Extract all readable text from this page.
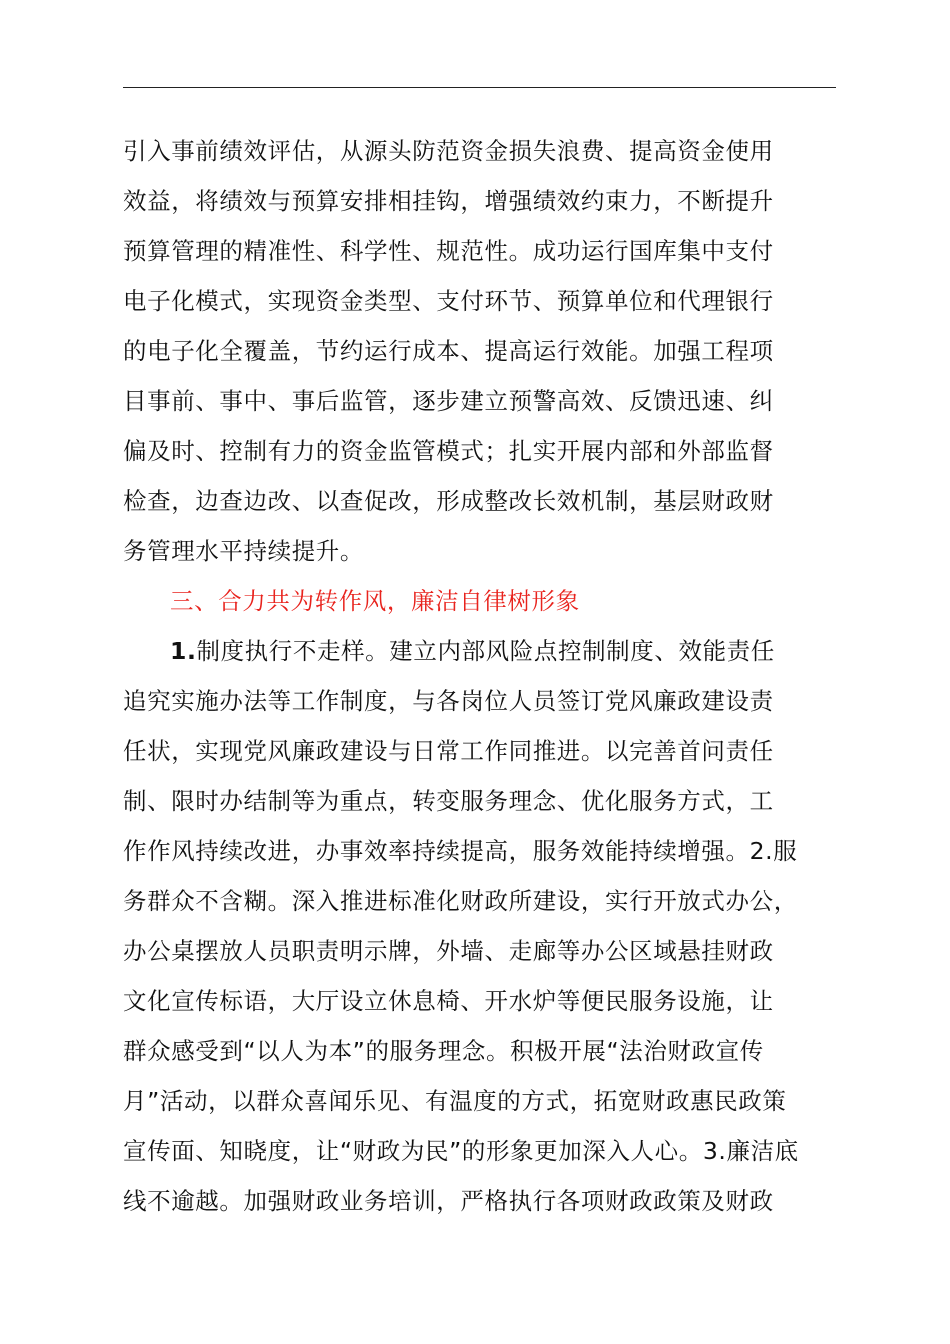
引入事前绩效评估，从源头防范资金损失浪费、提高资金使用
效益，将绩效与预算安排相挂钩，增强绩效约束力，不断提升
预算管理的精准性、科学性、规范性。成功运行国库集中支付
电子化模式，实现资金类型、支付环节、预算单位和代理银行
的电子化全覆盖，节约运行成本、提高运行效能。加强工程项
目事前、事中、事后监管，逐步建立预警高效、反馈迅速、纠
偏及时、控制有力的资金监管模式；扎实开展内部和外部监督
检查，边查边改、以查促改，形成整改长效机制，基层财政财
务管理水平持续提升。
三、合力共为转作风，廉洁自律树形象
1.制度执行不走样。建立内部风险点控制制度、效能责任
追究实施办法等工作制度，与各岗位人员签订党风廉政建设责
任状，实现党风廉政建设与日常工作同推进。以完善首问责任
制、限时办结制等为重点，转变服务理念、优化服务方式，工
作作风持续改进，办事效率持续提高，服务效能持续增强。2.服
务群众不含糊。深入推进标准化财政所建设，实行开放式办公，
办公桌摆放人员职责明示牌，外墙、走廊等办公区域悬挂财政
文化宣传标语，大厅设立休息椅、开水炉等便民服务设施，让
群众感受到“以人为本”的服务理念。积极开展“法治财政宣传
月”活动，以群众喜闻乐见、有温度的方式，拓宽财政惠民政策
宣传面、知晓度，让“财政为民”的形象更加深入人心。3.廉洁底
线不逾越。加强财政业务培训，严格执行各项财政政策及财政
